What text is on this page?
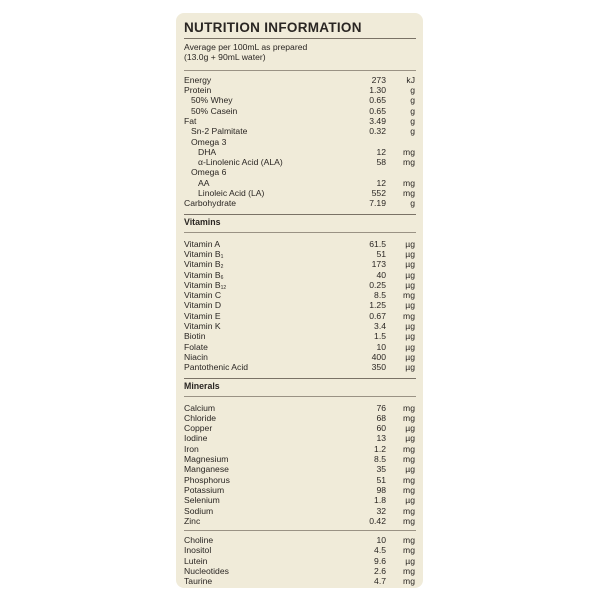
NUTRITION INFORMATION
Average per 100mL as prepared
(13.0g + 90mL water)
Energy	273 kJ
Protein	1.30	g
50% Whey	0.65	g
50% Casein	0.65	g
Fat	3.49	g
Sn-2 Palmitate	0.32	g
Omega 3
DHA	12 mg
α-Linolenic Acid (ALA)	58 mg
Omega 6
AA	12 mg
Linoleic Acid (LA)	552 mg
Carbohydrate	7.19	g
Vitamins
Vitamin A	61.5 µg
Vitamin $B_1$	51 µg
Vitamin $B_2$	173 µg
Vitamin $B_6$	40 µg
Vitamin $B_{12}$	0.25 µg
Vitamin C	8.5 mg
Vitamin D	1.25 µg
Vitamin E	0.67 mg
Vitamin K	3.4 µg
Biotin	1.5 µg
Folate	10 µg
Niacin	400 µg
Pantothenic Acid	350 µg
Minerals
Calcium	76 mg
Chloride	68 mg
Copper	60 µg
Iodine	13 µg
Iron	1.2 mg
Magnesium	8.5 mg
Manganese	35 µg
Phosphorus	51 mg
Potassium	98 mg
Selenium	1.8 µg
Sodium	32 mg
Zinc	0.42 mg
Choline	10 mg
Inositol	4.5 mg
Lutein	9.6 µg
Nucleotides	2.6 mg
Taurine	4.7 mg
